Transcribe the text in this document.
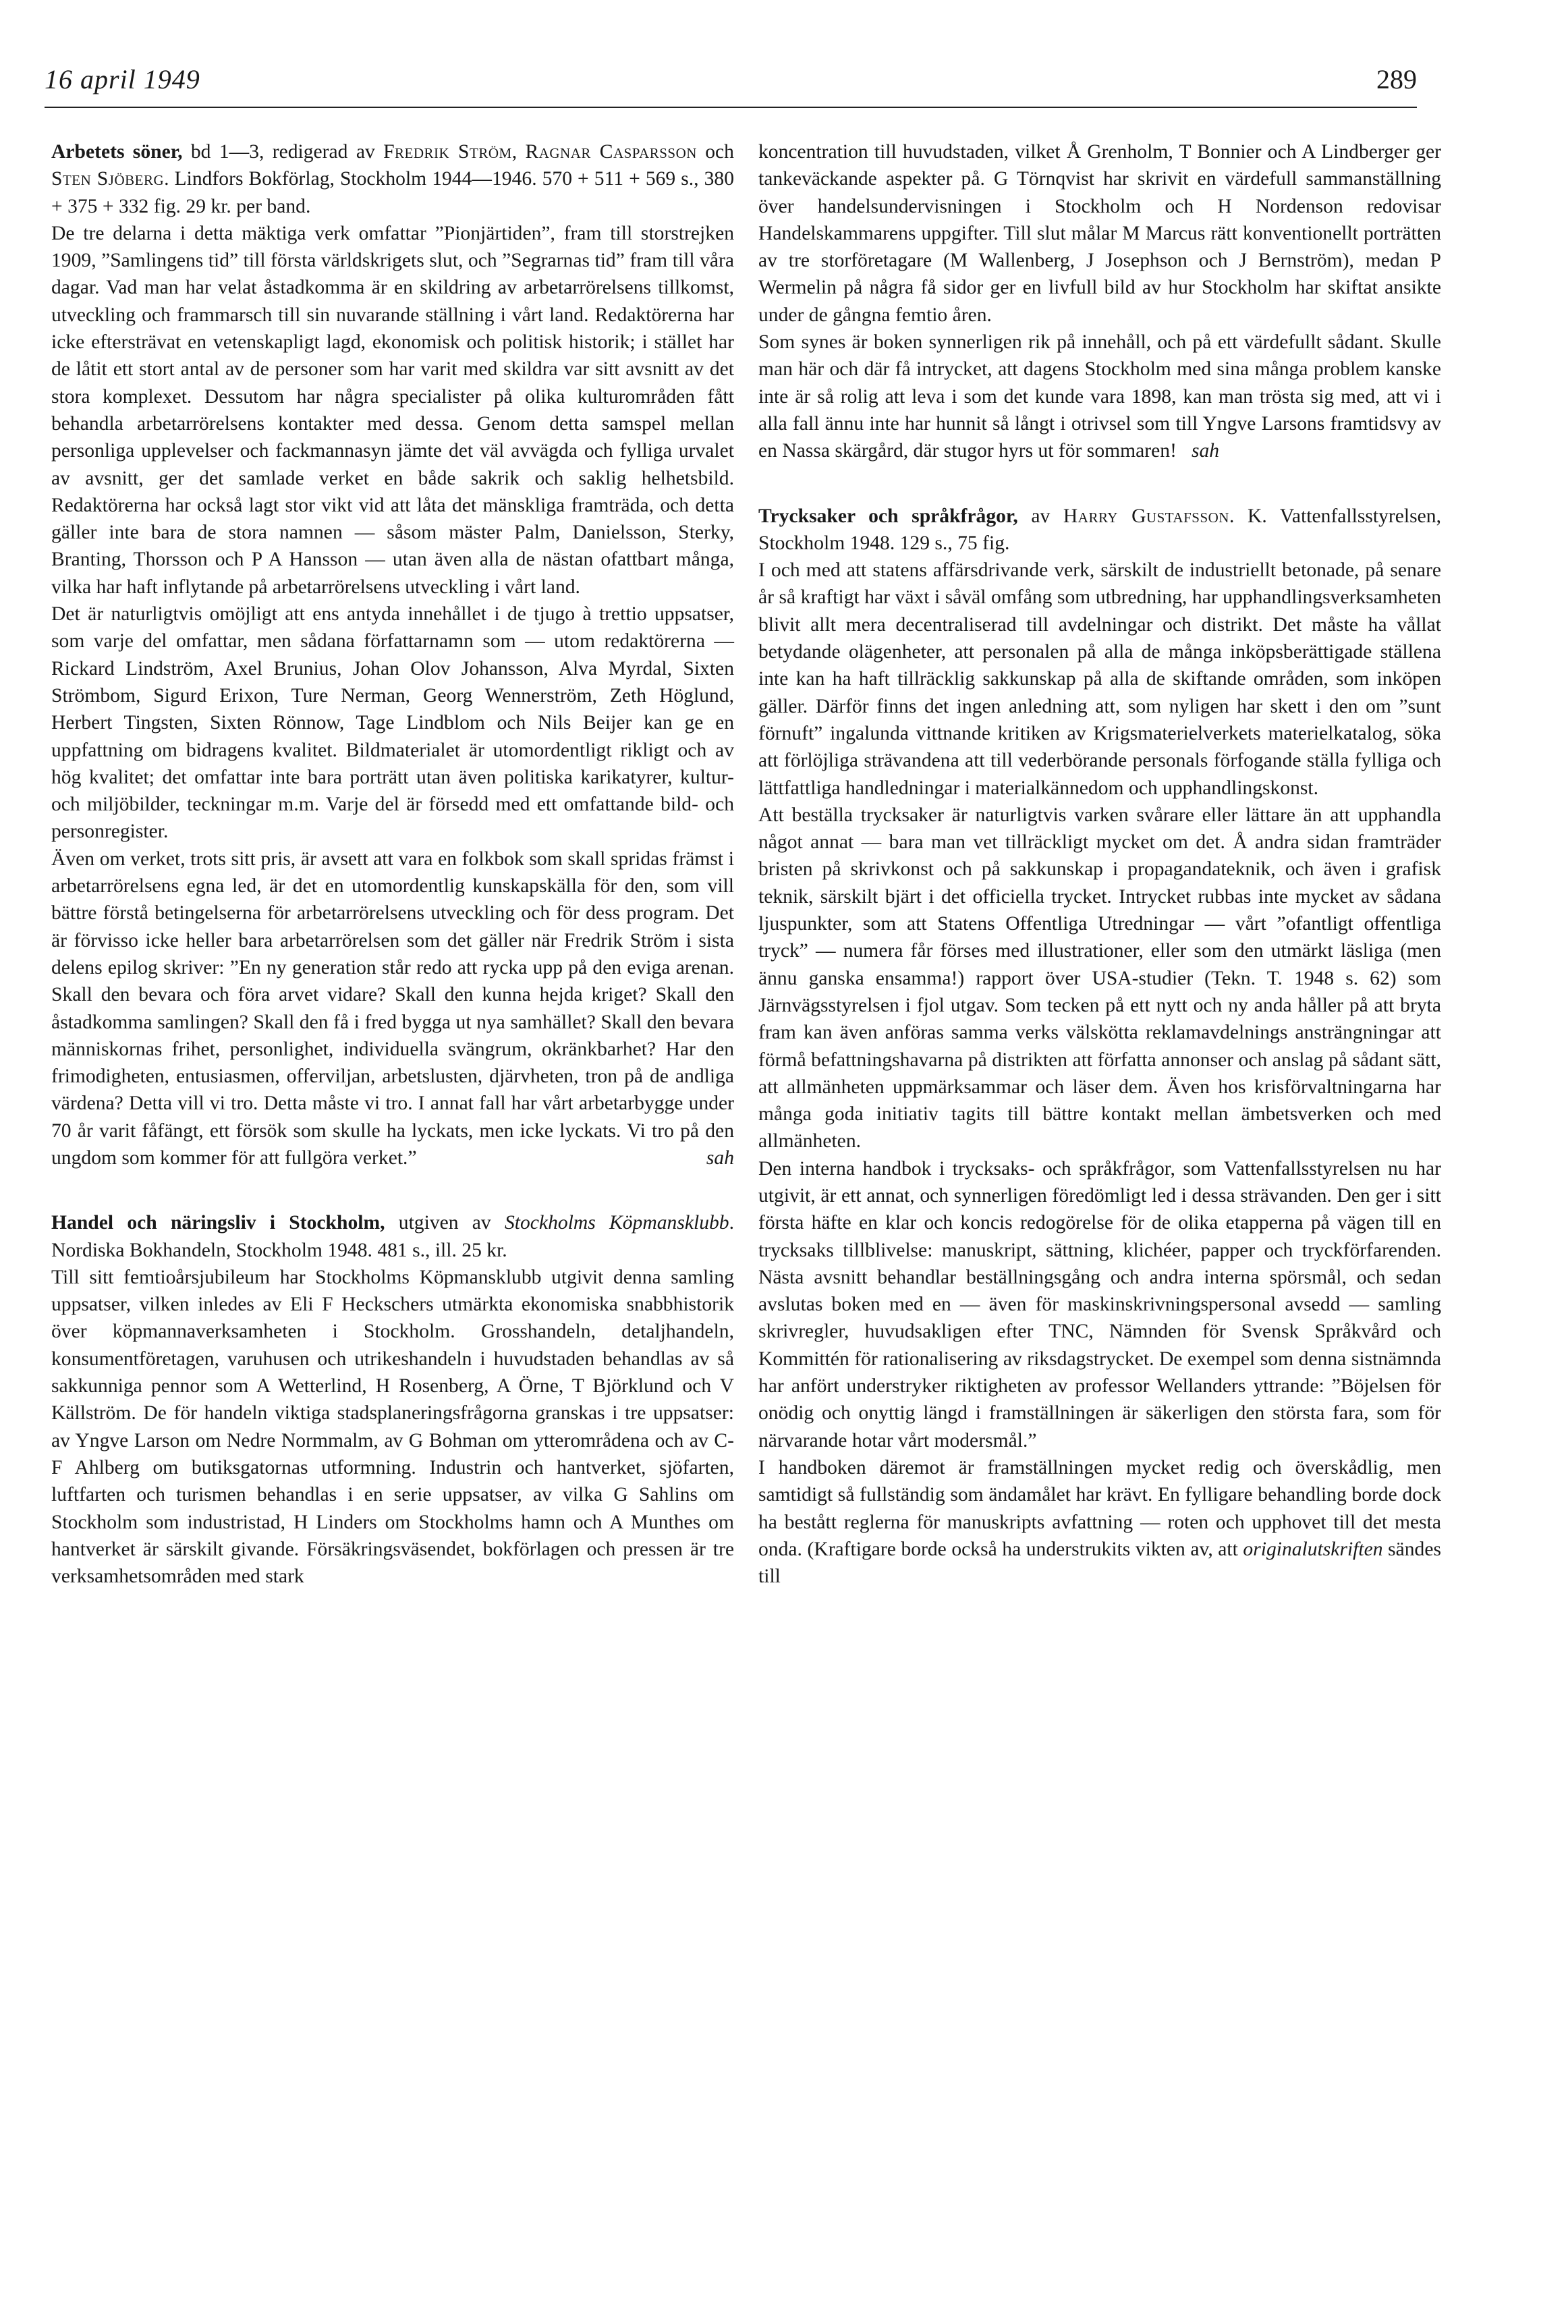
16 april 1949	289

Arbetets söner, bd 1—3, redigerad av Fredrik Ström, Ragnar Casparsson och Sten Sjöberg. Lindfors Bokförlag, Stockholm 1944—1946. 570 + 511 + 569 s., 380 + 375 + 332 fig. 29 kr. per band.

De tre delarna i detta mäktiga verk omfattar ”Pionjärtiden”, fram till storstrejken 1909, ”Samlingens tid” till första världskrigets slut, och ”Segrarnas tid” fram till våra dagar. Vad man har velat åstadkomma är en skildring av arbetarrörelsens tillkomst, utveckling och frammarsch till sin nuvarande ställning i vårt land. Redaktörerna har icke eftersträvat en vetenskapligt lagd, ekonomisk och politisk historik; i stället har de låtit ett stort antal av de personer som har varit med skildra var sitt avsnitt av det stora komplexet. Dessutom har några specialister på olika kulturområden fått behandla arbetarrörelsens kontakter med dessa. Genom detta samspel mellan personliga upplevelser och fackmannasyn jämte det väl avvägda och fylliga urvalet av avsnitt, ger det samlade verket en både sakrik och saklig helhetsbild. Redaktörerna har också lagt stor vikt vid att låta det mänskliga framträda, och detta gäller inte bara de stora namnen — såsom mäster Palm, Danielsson, Sterky, Branting, Thorsson och P A Hansson — utan även alla de nästan ofattbart många, vilka har haft inflytande på arbetarrörelsens utveckling i vårt land.

Det är naturligtvis omöjligt att ens antyda innehållet i de tjugo à trettio uppsatser, som varje del omfattar, men sådana författarnamn som — utom redaktörerna — Rickard Lindström, Axel Brunius, Johan Olov Johansson, Alva Myrdal, Sixten Strömbom, Sigurd Erixon, Ture Nerman, Georg Wennerström, Zeth Höglund, Herbert Tingsten, Sixten Rönnow, Tage Lindblom och Nils Beijer kan ge en uppfattning om bidragens kvalitet. Bildmaterialet är utomordentligt rikligt och av hög kvalitet; det omfattar inte bara porträtt utan även politiska karikatyrer, kultur- och miljöbilder, teckningar m.m. Varje del är försedd med ett omfattande bild- och personregister.

Även om verket, trots sitt pris, är avsett att vara en folkbok som skall spridas främst i arbetarrörelsens egna led, är det en utomordentlig kunskapskälla för den, som vill bättre förstå betingelserna för arbetarrörelsens utveckling och för dess program. Det är förvisso icke heller bara arbetarrörelsen som det gäller när Fredrik Ström i sista delens epilog skriver: ”En ny generation står redo att rycka upp på den eviga arenan. Skall den bevara och föra arvet vidare? Skall den kunna hejda kriget? Skall den åstadkomma samlingen? Skall den få i fred bygga ut nya samhället? Skall den bevara människornas frihet, personlighet, individuella svängrum, okränkbarhet? Har den frimodigheten, entusiasmen, offerviljan, arbetslusten, djärvheten, tron på de andliga värdena? Detta vill vi tro. Detta måste vi tro. I annat fall har vårt arbetarbygge under 70 år varit fåfängt, ett försök som skulle ha lyckats, men icke lyckats. Vi tro på den ungdom som kommer för att fullgöra verket.”	sah

Handel och näringsliv i Stockholm, utgiven av Stockholms Köpmansklubb. Nordiska Bokhandeln, Stockholm 1948. 481 s., ill. 25 kr.

Till sitt femtioårsjubileum har Stockholms Köpmansklubb utgivit denna samling uppsatser, vilken inledes av Eli F Heckschers utmärkta ekonomiska snabbhistorik över köpmannaverksamheten i Stockholm. Grosshandeln, detaljhandeln, konsumentföretagen, varuhusen och utrikeshandeln i huvudstaden behandlas av så sakkunniga pennor som A Wetterlind, H Rosenberg, A Örne, T Björklund och V Källström. De för handeln viktiga stadsplaneringsfrågorna granskas i tre uppsatser: av Yngve Larson om Nedre Normmalm, av G Bohman om ytterområdena och av C-F Ahlberg om butiksgatornas utformning. Industrin och hantverket, sjöfarten, luftfarten och turismen behandlas i en serie uppsatser, av vilka G Sahlins om Stockholm som industristad, H Linders om Stockholms hamn och A Munthes om hantverket är särskilt givande. Försäkringsväsendet, bokförlagen och pressen är tre verksamhetsområden med stark

koncentration till huvudstaden, vilket Å Grenholm, T Bonnier och A Lindberger ger tankeväckande aspekter på. G Törnqvist har skrivit en värdefull sammanställning över handelsundervisningen i Stockholm och H Nordenson redovisar Handelskammarens uppgifter. Till slut målar M Marcus rätt konventionellt porträtten av tre storföretagare (M Wallenberg, J Josephson och J Bernström), medan P Wermelin på några få sidor ger en livfull bild av hur Stockholm har skiftat ansikte under de gångna femtio åren.

Som synes är boken synnerligen rik på innehåll, och på ett värdefullt sådant. Skulle man här och där få intrycket, att dagens Stockholm med sina många problem kanske inte är så rolig att leva i som det kunde vara 1898, kan man trösta sig med, att vi i alla fall ännu inte har hunnit så långt i otrivsel som till Yngve Larsons framtidsvy av en Nassa skärgård, där stugor hyrs ut för sommaren! sah

Trycksaker och språkfrågor, av Harry Gustafsson. K. Vattenfallsstyrelsen, Stockholm 1948. 129 s., 75 fig.

I och med att statens affärsdrivande verk, särskilt de industriellt betonade, på senare år så kraftigt har växt i såväl omfång som utbredning, har upphandlingsverksamheten blivit allt mera decentraliserad till avdelningar och distrikt. Det måste ha vållat betydande olägenheter, att personalen på alla de många inköpsberättigade ställena inte kan ha haft tillräcklig sakkunskap på alla de skiftande områden, som inköpen gäller. Därför finns det ingen anledning att, som nyligen har skett i den om ”sunt förnuft” ingalunda vittnande kritiken av Krigsmaterielverkets materielkatalog, söka att förlöjliga strävandena att till vederbörande personals förfogande ställa fylliga och lättfattliga handledningar i materialkännedom och upphandlingskonst.

Att beställa trycksaker är naturligtvis varken svårare eller lättare än att upphandla något annat — bara man vet tillräckligt mycket om det. Å andra sidan framträder bristen på skrivkonst och på sakkunskap i propagandateknik, och även i grafisk teknik, särskilt bjärt i det officiella trycket. Intrycket rubbas inte mycket av sådana ljuspunkter, som att Statens Offentliga Utredningar — vårt ”ofantligt offentliga tryck” — numera får förses med illustrationer, eller som den utmärkt läsliga (men ännu ganska ensamma!) rapport över USA-studier (Tekn. T. 1948 s. 62) som Järnvägsstyrelsen i fjol utgav. Som tecken på ett nytt och ny anda håller på att bryta fram kan även anföras samma verks välskötta reklamavdelnings ansträngningar att förmå befattningshavarna på distrikten att författa annonser och anslag på sådant sätt, att allmänheten uppmärksammar och läser dem. Även hos krisförvaltningarna har många goda initiativ tagits till bättre kontakt mellan ämbetsverken och med allmänheten.

Den interna handbok i trycksaks- och språkfrågor, som Vattenfallsstyrelsen nu har utgivit, är ett annat, och synnerligen föredömligt led i dessa strävanden. Den ger i sitt första häfte en klar och koncis redogörelse för de olika etapperna på vägen till en trycksaks tillblivelse: manuskript, sättning, klichéer, papper och tryckförfarenden. Nästa avsnitt behandlar beställningsgång och andra interna spörsmål, och sedan avslutas boken med en — även för maskinskrivningspersonal avsedd — samling skrivregler, huvudsakligen efter TNC, Nämnden för Svensk Språkvård och Kommittén för rationalisering av riksdagstrycket. De exempel som denna sistnämnda har anfört understryker riktigheten av professor Wellanders yttrande: ”Böjelsen för onödig och onyttig längd i framställningen är säkerligen den största fara, som för närvarande hotar vårt modersmål.”

I handboken däremot är framställningen mycket redig och överskådlig, men samtidigt så fullständig som ändamålet har krävt. En fylligare behandling borde dock ha bestått reglerna för manuskripts avfattning — roten och upphovet till det mesta onda. (Kraftigare borde också ha understrukits vikten av, att originalutskriften sändes till
